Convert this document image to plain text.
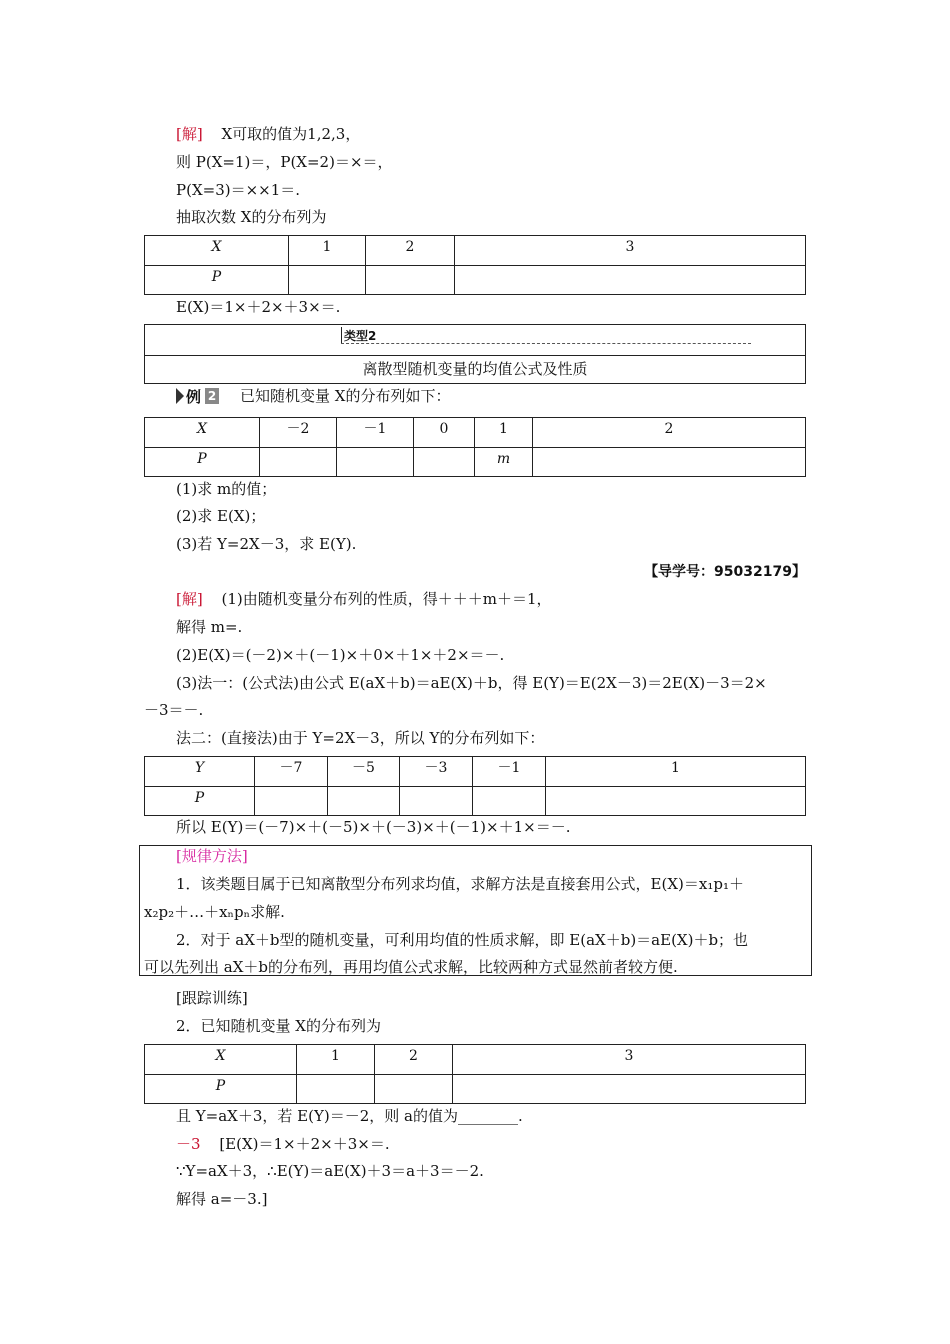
[解] X可取的值为1,2,3，
则 P(X=1)＝，P(X=2)＝×＝，
P(X=3)＝××1＝.
抽取次数 X的分布列为
X	1	2	3
P			
E(X)＝1×＋2×＋3×＝.
类型2
离散型随机变量的均值公式及性质
例 2 已知随机变量 X的分布列如下：
X	－2	－1	0	1	2
P				m	
(1)求 m的值；
(2)求 E(X)；
(3)若 Y=2X－3，求 E(Y).
【导学号：95032179】
[解] (1)由随机变量分布列的性质，得＋＋＋m＋＝1，
解得 m=.
(2)E(X)＝(－2)×＋(－1)×＋0×＋1×＋2×＝－.
(3)法一：(公式法)由公式 E(aX＋b)＝aE(X)＋b，得 E(Y)＝E(2X－3)＝2E(X)－3＝2×
－3＝－.
法二：(直接法)由于 Y=2X－3，所以 Y的分布列如下：
Y	－7	－5	－3	－1	1
P					
所以 E(Y)＝(－7)×＋(－5)×＋(－3)×＋(－1)×＋1×＝－.
[规律方法]
1．该类题目属于已知离散型分布列求均值，求解方法是直接套用公式，E(X)＝x₁p₁＋
x₂p₂＋…＋xₙpₙ求解.
2．对于 aX＋b型的随机变量，可利用均值的性质求解，即 E(aX＋b)＝aE(X)＋b；也
可以先列出 aX＋b的分布列，再用均值公式求解，比较两种方式显然前者较方便.
[跟踪训练]
2．已知随机变量 X的分布列为
X	1	2	3
P			
且 Y=aX＋3，若 E(Y)＝－2，则 a的值为________.
－3 [E(X)＝1×＋2×＋3×＝.
∵Y=aX＋3，∴E(Y)＝aE(X)＋3＝a＋3＝－2.
解得 a=－3.]
